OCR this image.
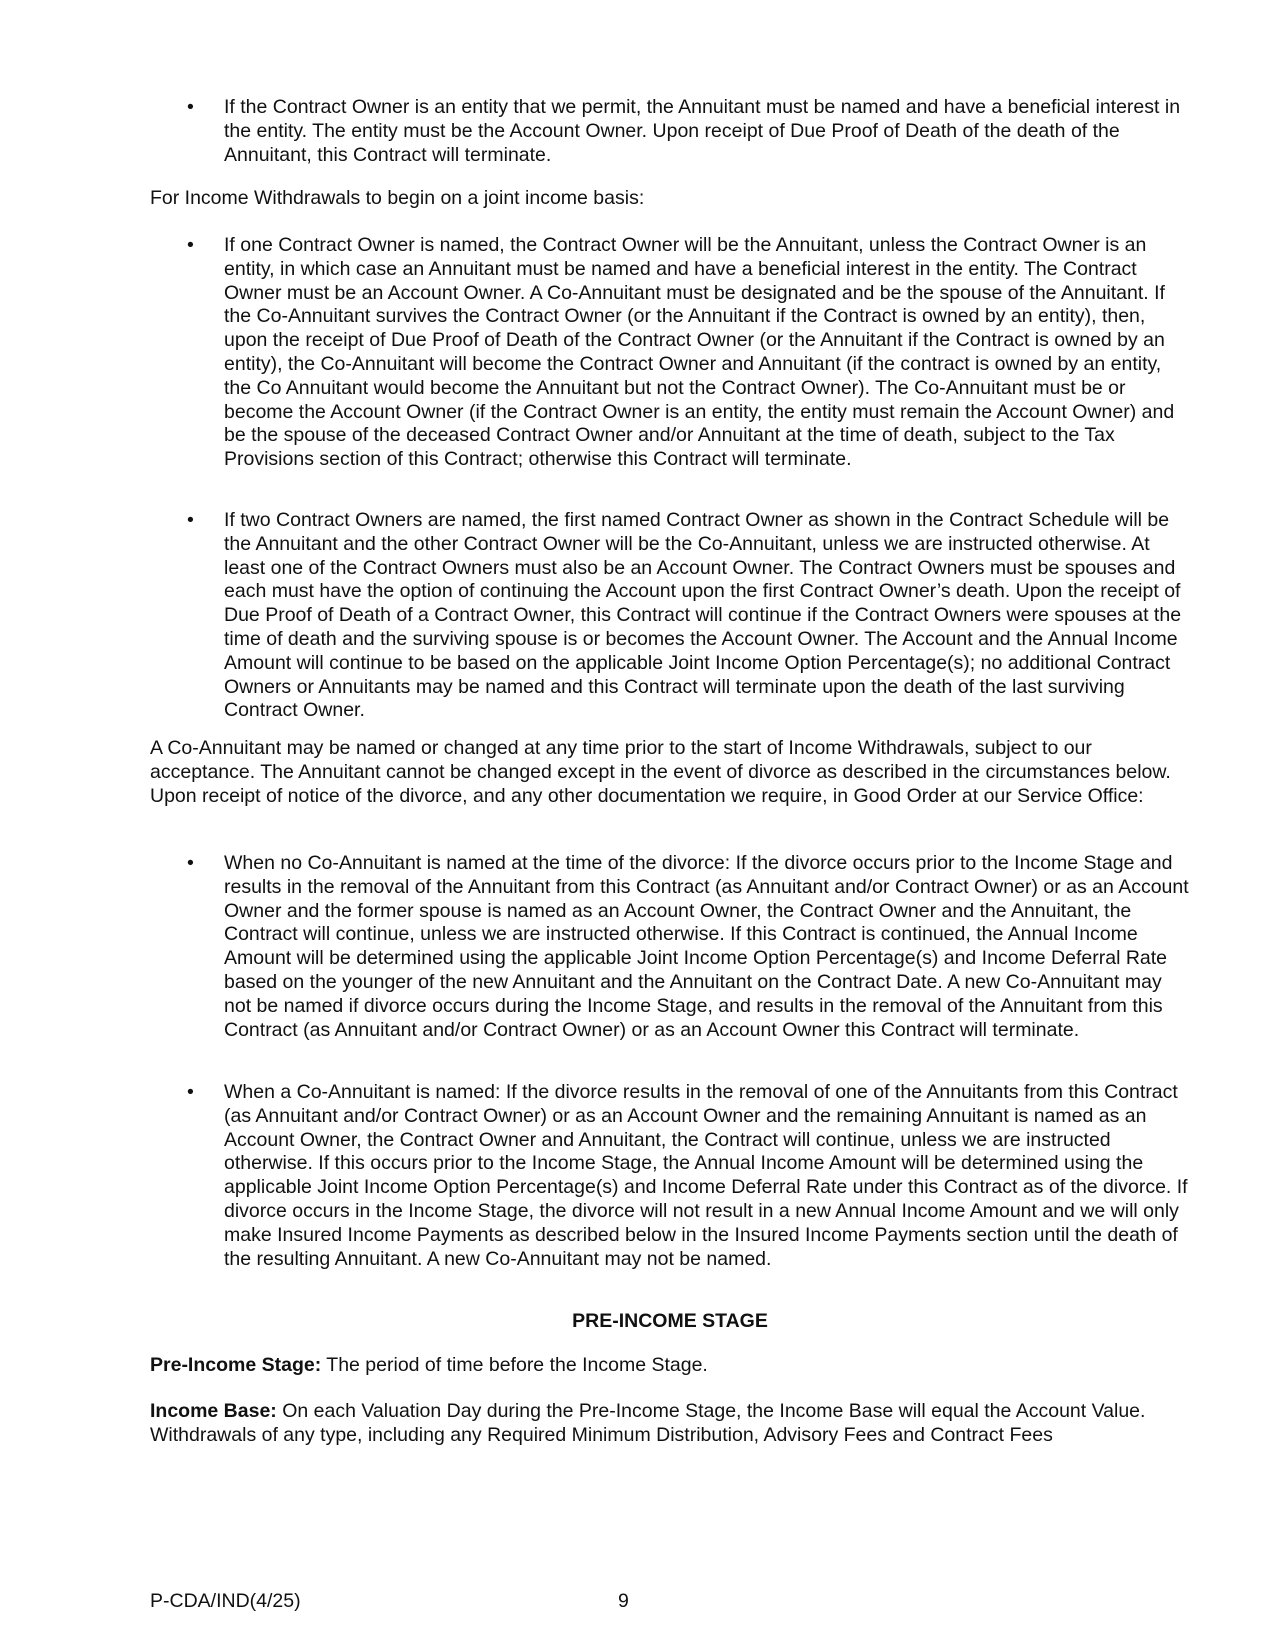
• If the Contract Owner is an entity that we permit, the Annuitant must be named and have a beneficial interest in the entity. The entity must be the Account Owner. Upon receipt of Due Proof of Death of the death of the Annuitant, this Contract will terminate.

For Income Withdrawals to begin on a joint income basis:

• If one Contract Owner is named, the Contract Owner will be the Annuitant, unless the Contract Owner is an entity, in which case an Annuitant must be named and have a beneficial interest in the entity. The Contract Owner must be an Account Owner. A Co-Annuitant must be designated and be the spouse of the Annuitant. If the Co-Annuitant survives the Contract Owner (or the Annuitant if the Contract is owned by an entity), then, upon the receipt of Due Proof of Death of the Contract Owner (or the Annuitant if the Contract is owned by an entity), the Co-Annuitant will become the Contract Owner and Annuitant (if the contract is owned by an entity, the Co Annuitant would become the Annuitant but not the Contract Owner). The Co-Annuitant must be or become the Account Owner (if the Contract Owner is an entity, the entity must remain the Account Owner) and be the spouse of the deceased Contract Owner and/or Annuitant at the time of death, subject to the Tax Provisions section of this Contract; otherwise this Contract will terminate.
• If two Contract Owners are named, the first named Contract Owner as shown in the Contract Schedule will be the Annuitant and the other Contract Owner will be the Co-Annuitant, unless we are instructed otherwise. At least one of the Contract Owners must also be an Account Owner. The Contract Owners must be spouses and each must have the option of continuing the Account upon the first Contract Owner’s death. Upon the receipt of Due Proof of Death of a Contract Owner, this Contract will continue if the Contract Owners were spouses at the time of death and the surviving spouse is or becomes the Account Owner. The Account and the Annual Income Amount will continue to be based on the applicable Joint Income Option Percentage(s); no additional Contract Owners or Annuitants may be named and this Contract will terminate upon the death of the last surviving Contract Owner.

A Co-Annuitant may be named or changed at any time prior to the start of Income Withdrawals, subject to our acceptance. The Annuitant cannot be changed except in the event of divorce as described in the circumstances below. Upon receipt of notice of the divorce, and any other documentation we require, in Good Order at our Service Office:

• When no Co-Annuitant is named at the time of the divorce: If the divorce occurs prior to the Income Stage and results in the removal of the Annuitant from this Contract (as Annuitant and/or Contract Owner) or as an Account Owner and the former spouse is named as an Account Owner, the Contract Owner and the Annuitant, the Contract will continue, unless we are instructed otherwise. If this Contract is continued, the Annual Income Amount will be determined using the applicable Joint Income Option Percentage(s) and Income Deferral Rate based on the younger of the new Annuitant and the Annuitant on the Contract Date. A new Co-Annuitant may not be named if divorce occurs during the Income Stage, and results in the removal of the Annuitant from this Contract (as Annuitant and/or Contract Owner) or as an Account Owner this Contract will terminate.
• When a Co-Annuitant is named: If the divorce results in the removal of one of the Annuitants from this Contract (as Annuitant and/or Contract Owner) or as an Account Owner and the remaining Annuitant is named as an Account Owner, the Contract Owner and Annuitant, the Contract will continue, unless we are instructed otherwise. If this occurs prior to the Income Stage, the Annual Income Amount will be determined using the applicable Joint Income Option Percentage(s) and Income Deferral Rate under this Contract as of the divorce. If divorce occurs in the Income Stage, the divorce will not result in a new Annual Income Amount and we will only make Insured Income Payments as described below in the Insured Income Payments section until the death of the resulting Annuitant. A new Co-Annuitant may not be named.

PRE-INCOME STAGE

Pre-Income Stage: The period of time before the Income Stage.

Income Base: On each Valuation Day during the Pre-Income Stage, the Income Base will equal the Account Value. Withdrawals of any type, including any Required Minimum Distribution, Advisory Fees and Contract Fees

P-CDA/IND(4/25)	9
